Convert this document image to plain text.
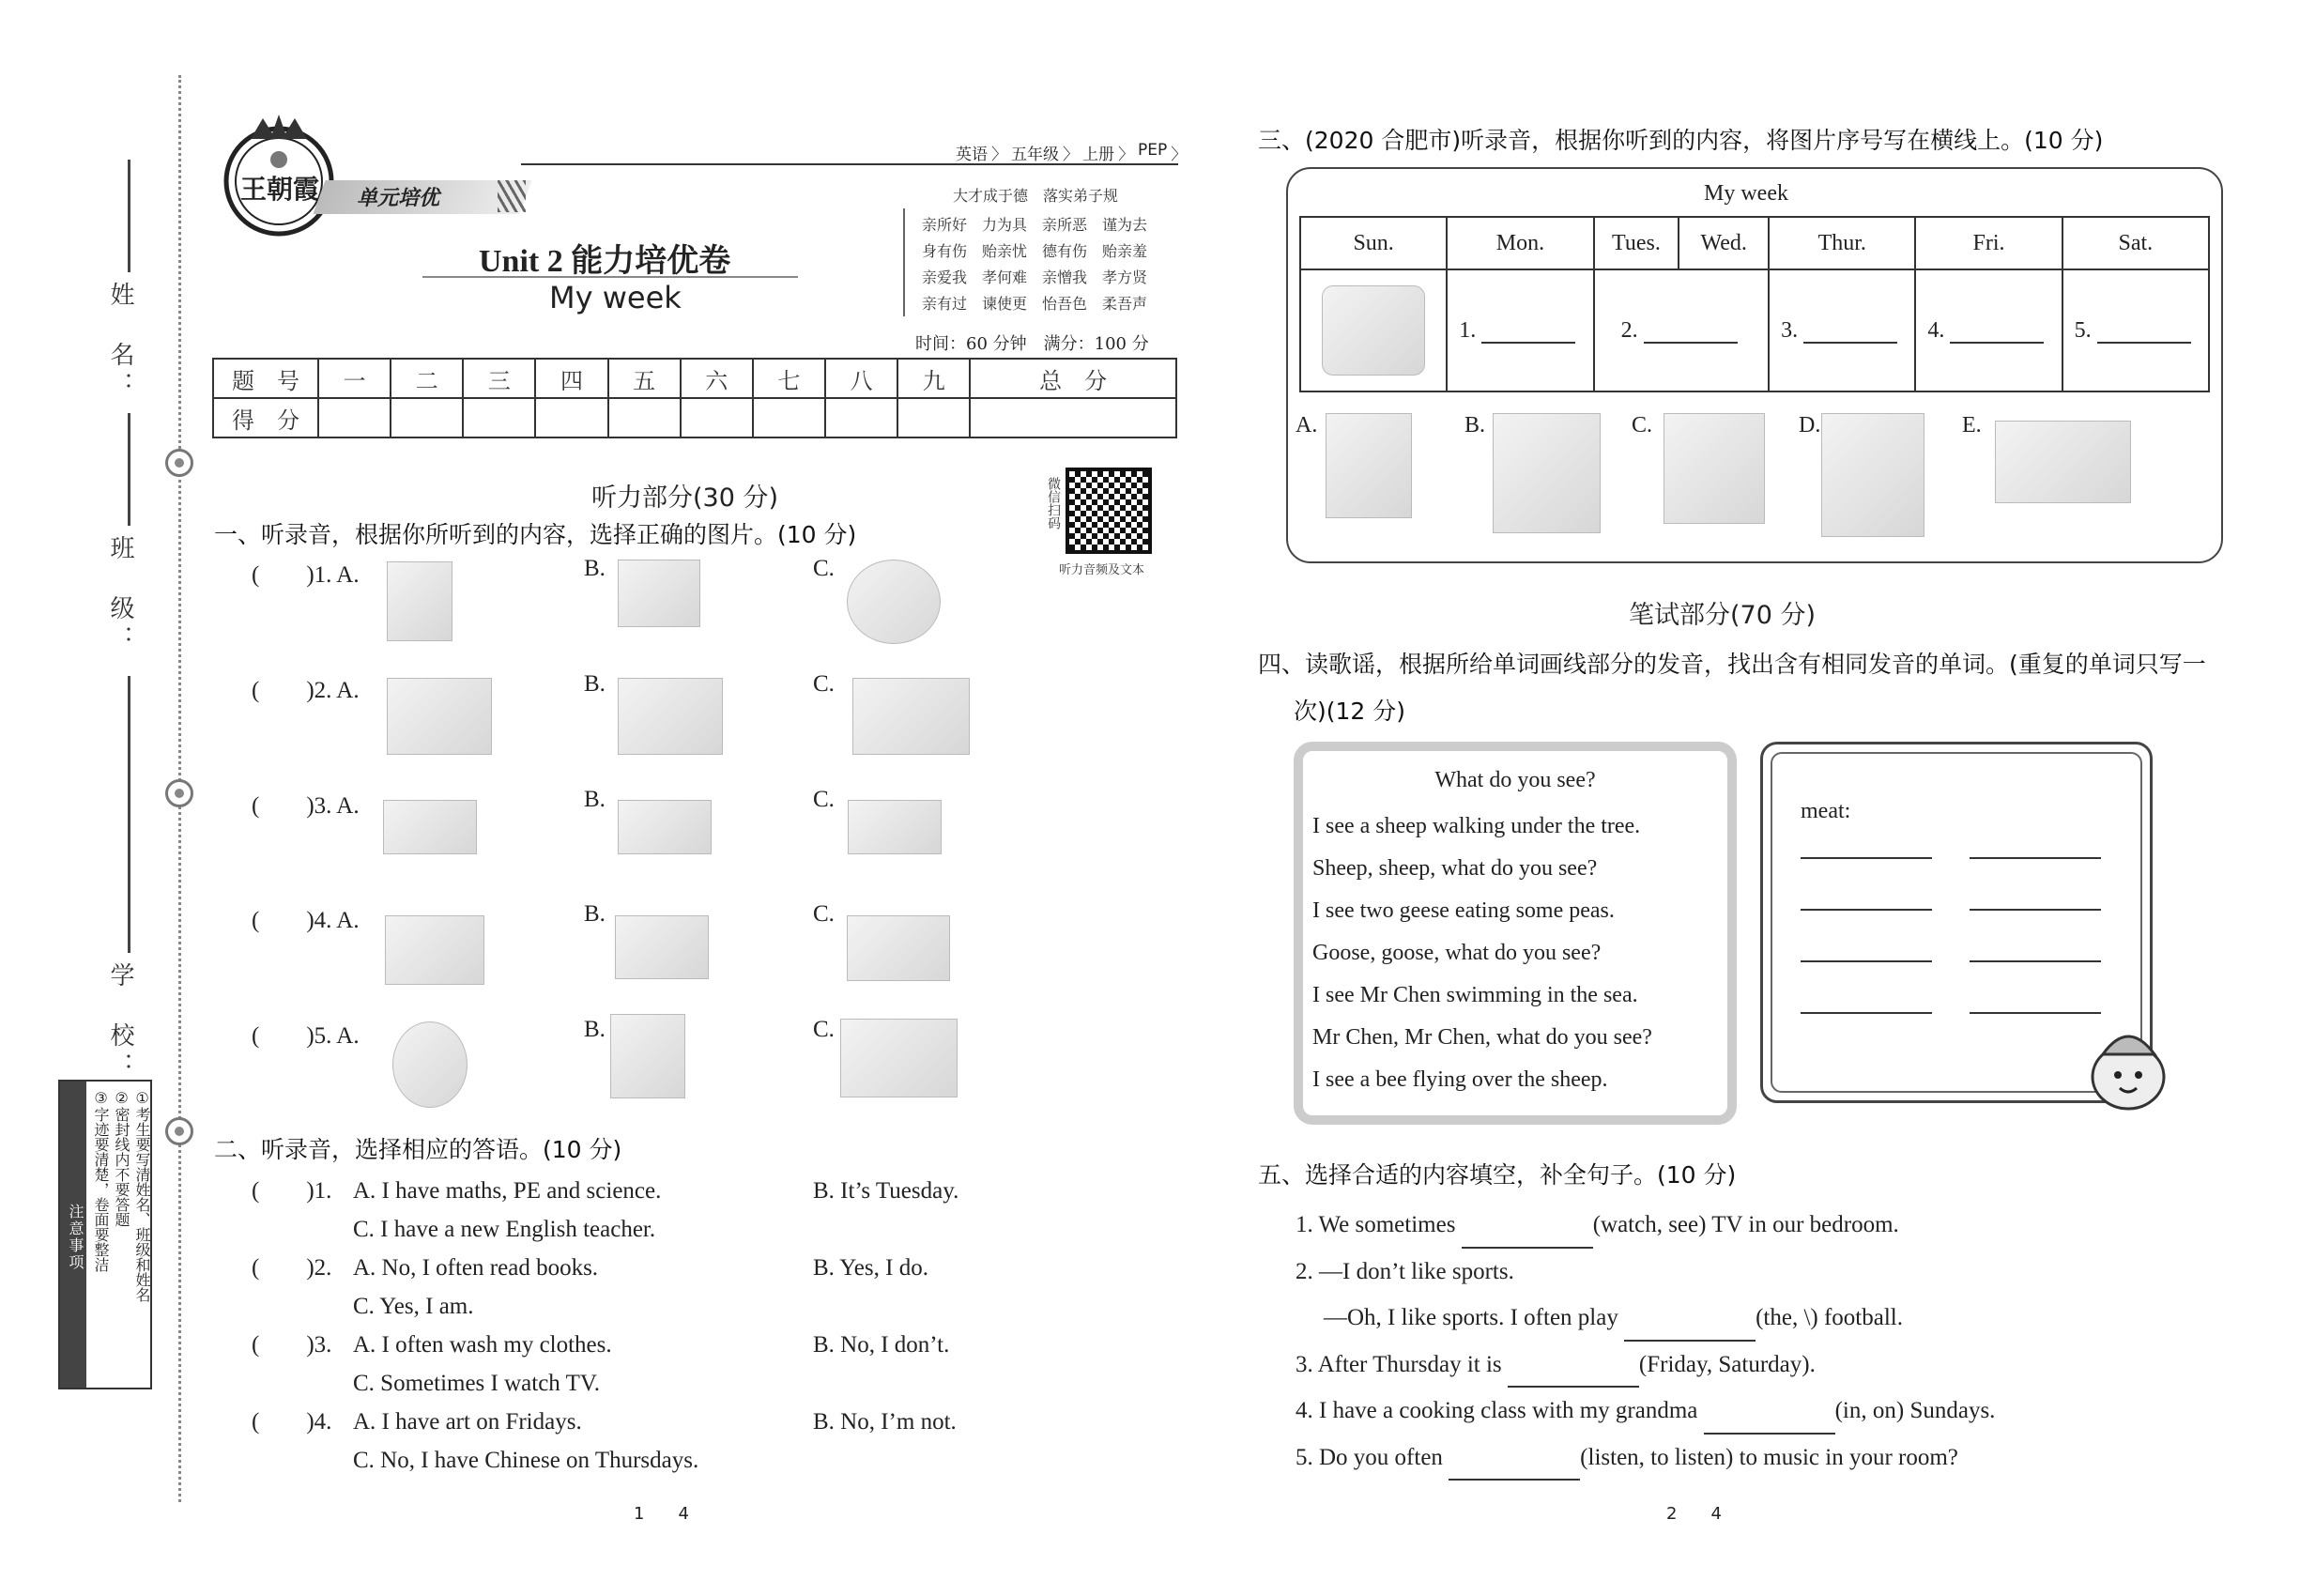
姓　名：
班　级：
学　校：
注意事项	①考生要写清姓名、班级和姓名
②密封线内不要答题
③字迹要清楚，卷面要整洁
王朝霞 单元培优
英语 〉 五年级 〉 上册 〉 PEP 〉
Unit 2 能力培优卷
My week
大才成于德　落实弟子规
亲所好　力为具　亲所恶　谨为去
身有伤　贻亲忧　德有伤　贻亲羞
亲爱我　孝何难　亲憎我　孝方贤
亲有过　谏使更　怡吾色　柔吾声
时间：60 分钟　满分：100 分
题　号	一	二	三	四	五	六	七	八	九	总　分
得　分										
微信扫码
听力音频及文本
听力部分(30 分)
一、听录音，根据你所听到的内容，选择正确的图片。(10 分)
(　　)1. A.	B.	C.
(　　)2. A.	B.	C.
(　　)3. A.	B.	C.
(　　)4. A.	B.	C.
(　　)5. A.	B.	C.
二、听录音，选择相应的答语。(10 分)
(　　)1. A. I have maths, PE and science.	B. It’s Tuesday.
C. I have a new English teacher.
(　　)2. A. No, I often read books.	B. Yes, I do.
C. Yes, I am.
(　　)3. A. I often wash my clothes.	B. No, I don’t.
C. Sometimes I watch TV.
(　　)4. A. I have art on Fridays.	B. No, I’m not.
C. No, I have Chinese on Thursdays.
1　　4
三、(2020 合肥市)听录音，根据你听到的内容，将图片序号写在横线上。(10 分)
My week
Sun.	Mon.	Tues.	Wed.	Thur.	Fri.	Sat.

	1.	2.		3.	4.	5.
A.	B.	C.	D.	E.
笔试部分(70 分)
四、读歌谣，根据所给单词画线部分的发音，找出含有相同发音的单词。(重复的单词只写一
次)(12 分)
What do you see?
I see a sheep walking under the tree.
Sheep, sheep, what do you see?
I see two geese eating some peas.
Goose, goose, what do you see?
I see Mr Chen swimming in the sea.
Mr Chen, Mr Chen, what do you see?
I see a bee flying over the sheep.
meat:
五、选择合适的内容填空，补全句子。(10 分)
1. We sometimes	(watch, see) TV in our bedroom.
2. —I don’t like sports.
—Oh, I like sports. I often play	(the, \) football.
3. After Thursday it is	(Friday, Saturday).
4. I have a cooking class with my grandma	(in, on) Sundays.
5. Do you often	(listen, to listen) to music in your room?
2　　4
